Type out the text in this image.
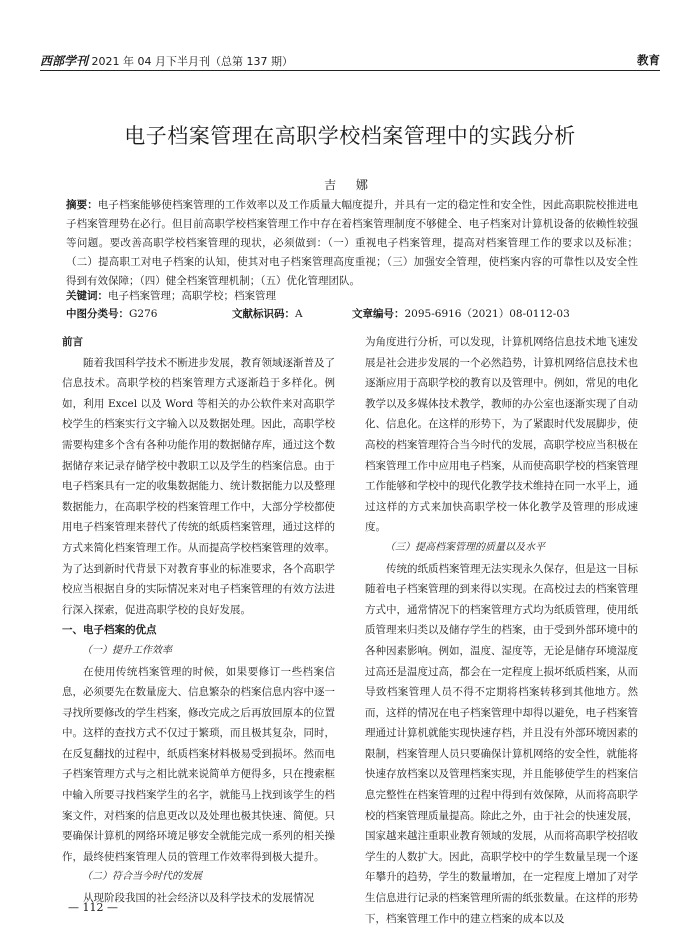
西部学刊 2021 年 04 月下半月刊（总第 137 期）	教育
电子档案管理在高职学校档案管理中的实践分析
吉 娜
摘要：电子档案能够使档案管理的工作效率以及工作质量大幅度提升，并具有一定的稳定性和安全性，因此高职院校推进电子档案管理势在必行。但目前高职学校档案管理工作中存在着档案管理制度不够健全、电子档案对计算机设备的依赖性较强等问题。要改善高职学校档案管理的现状，必须做到：（一）重视电子档案管理，提高对档案管理工作的要求以及标准；（二）提高职工对电子档案的认知，使其对电子档案管理高度重视；（三）加强安全管理，使档案内容的可靠性以及安全性得到有效保障；（四）健全档案管理机制；（五）优化管理团队。
关键词：电子档案管理；高职学校；档案管理
中图分类号：G276	文献标识码：A	文章编号：2095-6916（2021）08-0112-03
前言

随着我国科学技术不断进步发展，教育领域逐渐普及了信息技术。高职学校的档案管理方式逐渐趋于多样化。例如，利用 Excel 以及 Word 等相关的办公软件来对高职学校学生的档案实行文字输入以及数据处理。因此，高职学校需要构建多个含有各种功能作用的数据储存库，通过这个数据储存来记录存储学校中教职工以及学生的档案信息。由于电子档案具有一定的收集数据能力、统计数据能力以及整理数据能力，在高职学校的档案管理工作中，大部分学校都使用电子档案管理来替代了传统的纸质档案管理，通过这样的方式来简化档案管理工作。从而提高学校档案管理的效率。为了达到新时代背景下对教育事业的标准要求，各个高职学校应当根据自身的实际情况来对电子档案管理的有效方法进行深入探索，促进高职学校的良好发展。

一、电子档案的优点
（一）提升工作效率

在使用传统档案管理的时候，如果要修订一些档案信息，必须要先在数量庞大、信息繁杂的档案信息内容中逐一寻找所要修改的学生档案，修改完成之后再放回原本的位置中。这样的查找方式不仅过于繁琐，而且极其复杂，同时，在反复翻找的过程中，纸质档案材料极易受到损坏。然而电子档案管理方式与之相比就来说简单方便得多，只在搜索框中输入所要寻找档案学生的名字，就能马上找到该学生的档案文件，对档案的信息更改以及处理也极其快速、简便。只要确保计算机的网络环境足够安全就能完成一系列的相关操作，最终使档案管理人员的管理工作效率得到极大提升。

（二）符合当今时代的发展

从现阶段我国的社会经济以及科学技术的发展情况

为角度进行分析，可以发现，计算机网络信息技术地飞速发展是社会进步发展的一个必然趋势，计算机网络信息技术也逐渐应用于高职学校的教育以及管理中。例如，常见的电化教学以及多媒体技术教学，教师的办公室也逐渐实现了自动化、信息化。在这样的形势下，为了紧跟时代发展脚步，使高校的档案管理符合当今时代的发展，高职学校应当积极在档案管理工作中应用电子档案，从而使高职学校的档案管理工作能够和学校中的现代化教学技术维持在同一水平上，通过这样的方式来加快高职学校一体化教学及管理的形成速度。

（三）提高档案管理的质量以及水平

传统的纸质档案管理无法实现永久保存，但是这一目标随着电子档案管理的到来得以实现。在高校过去的档案管理方式中，通常情况下的档案管理方式均为纸质管理，使用纸质管理来归类以及储存学生的档案，由于受到外部环境中的各种因素影响。例如，温度、湿度等，无论是储存环境湿度过高还是温度过高，都会在一定程度上损坏纸质档案，从而导致档案管理人员不得不定期将档案转移到其他地方。然而，这样的情况在电子档案管理中却得以避免，电子档案管理通过计算机就能实现快速存档，并且没有外部环境因素的限制，档案管理人员只要确保计算机网络的安全性，就能将快速存放档案以及管理档案实现，并且能够使学生的档案信息完整性在档案管理的过程中得到有效保障，从而将高职学校的档案管理质量提高。除此之外，由于社会的快速发展，国家越来越注重职业教育领域的发展，从而将高职学校招收学生的人数扩大。因此，高职学校中的学生数量呈现一个逐年攀升的趋势，学生的数量增加，在一定程度上增加了对学生信息进行记录的档案管理所需的纸张数量。在这样的形势下，档案管理工作中的建立档案的成本以及

— 112 —
